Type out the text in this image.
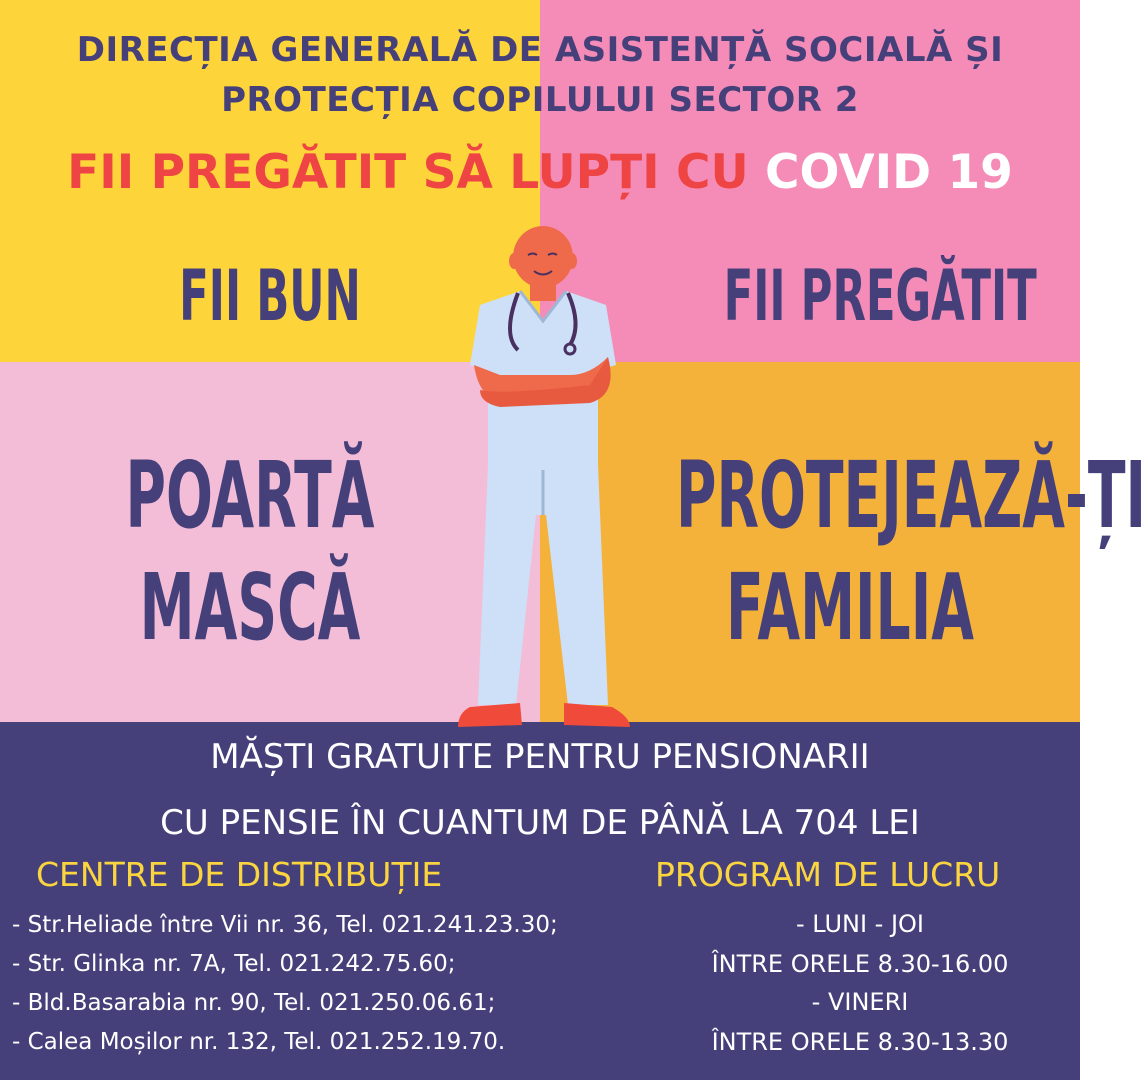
DIRECȚIA GENERALĂ DE ASISTENȚĂ SOCIALĂ ȘI
PROTECȚIA COPILULUI SECTOR 2
FII PREGĂTIT SĂ LUPȚI CU COVID 19
FII BUN	FII PREGĂTIT
POARTĂ
MASCĂ
PROTEJEAZĂ-ȚI
FAMILIA
MĂȘTI GRATUITE PENTRU PENSIONARII
CU PENSIE ÎN CUANTUM DE PÂNĂ LA 704 LEI
CENTRE DE DISTRIBUȚIE	PROGRAM DE LUCRU
- Str.Heliade între Vii nr. 36, Tel. 021.241.23.30;
- Str. Glinka nr. 7A, Tel. 021.242.75.60;
- Bld.Basarabia nr. 90, Tel. 021.250.06.61;
- Calea Moșilor nr. 132, Tel. 021.252.19.70.
- LUNI - JOI
ÎNTRE ORELE 8.30-16.00
- VINERI
ÎNTRE ORELE 8.30-13.30
